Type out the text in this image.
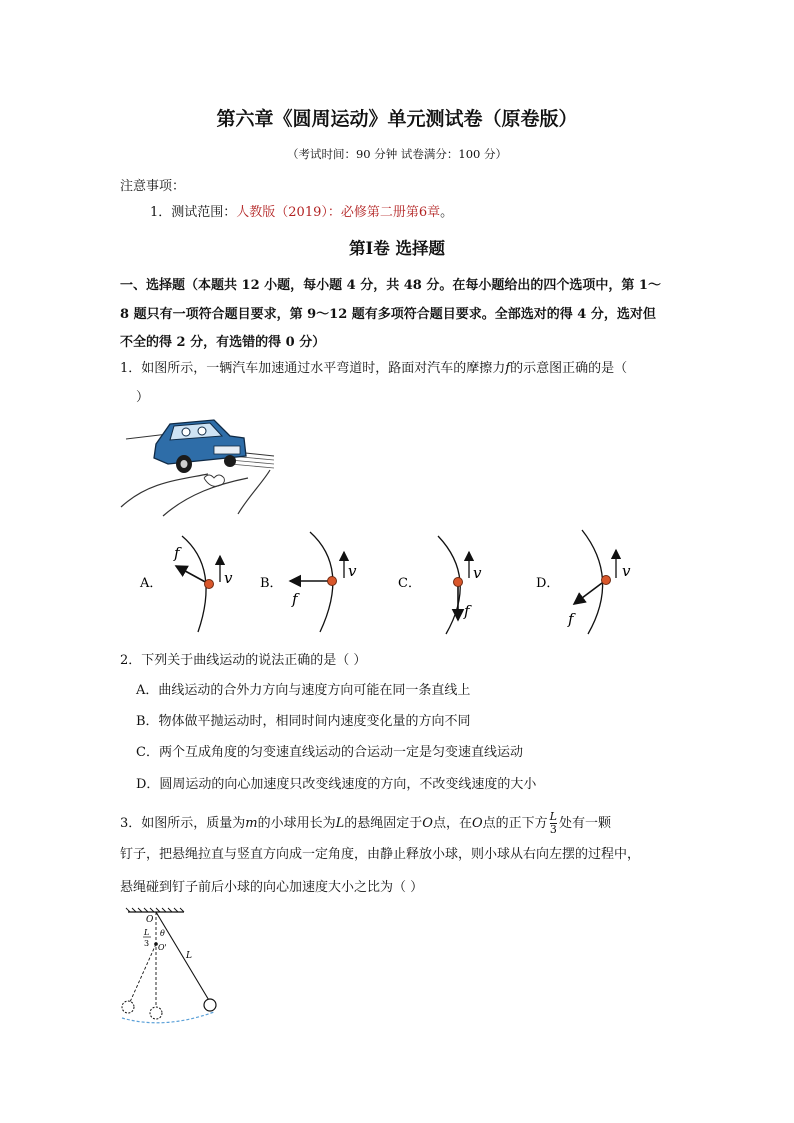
第六章《圆周运动》单元测试卷（原卷版）
（考试时间：90 分钟 试卷满分：100 分）
注意事项：
1．测试范围：人教版（2019）：必修第二册第6章。
第Ⅰ卷 选择题
一、选择题（本题共 12 小题，每小题 4 分，共 48 分。在每小题给出的四个选项中，第 1～
8 题只有一项符合题目要求，第 9～12 题有多项符合题目要求。全部选对的得 4 分，选对但
不全的得 2 分，有选错的得 0 分）
1．如图所示，一辆汽车加速通过水平弯道时，路面对汽车的摩擦力f的示意图正确的是（
）
A．
f
v B．
f
v
C．
f
v
D．
f
v
2．下列关于曲线运动的说法正确的是（ ）
A．曲线运动的合外力方向与速度方向可能在同一条直线上
B．物体做平抛运动时，相同时间内速度变化量的方向不同
C．两个互成角度的匀变速直线运动的合运动一定是匀变速直线运动
D．圆周运动的向心加速度只改变线速度的方向，不改变线速度的大小
3．如图所示，质量为m的小球用长为L的悬绳固定于O点，在O点的正下方 $\frac{L}{3}$ 处有一颗
钉子，把悬绳拉直与竖直方向成一定角度，由静止释放小球，则小球从右向左摆的过程中，
悬绳碰到钉子前后小球的向心加速度大小之比为（ ）
O
θ
O'
L
3
L
